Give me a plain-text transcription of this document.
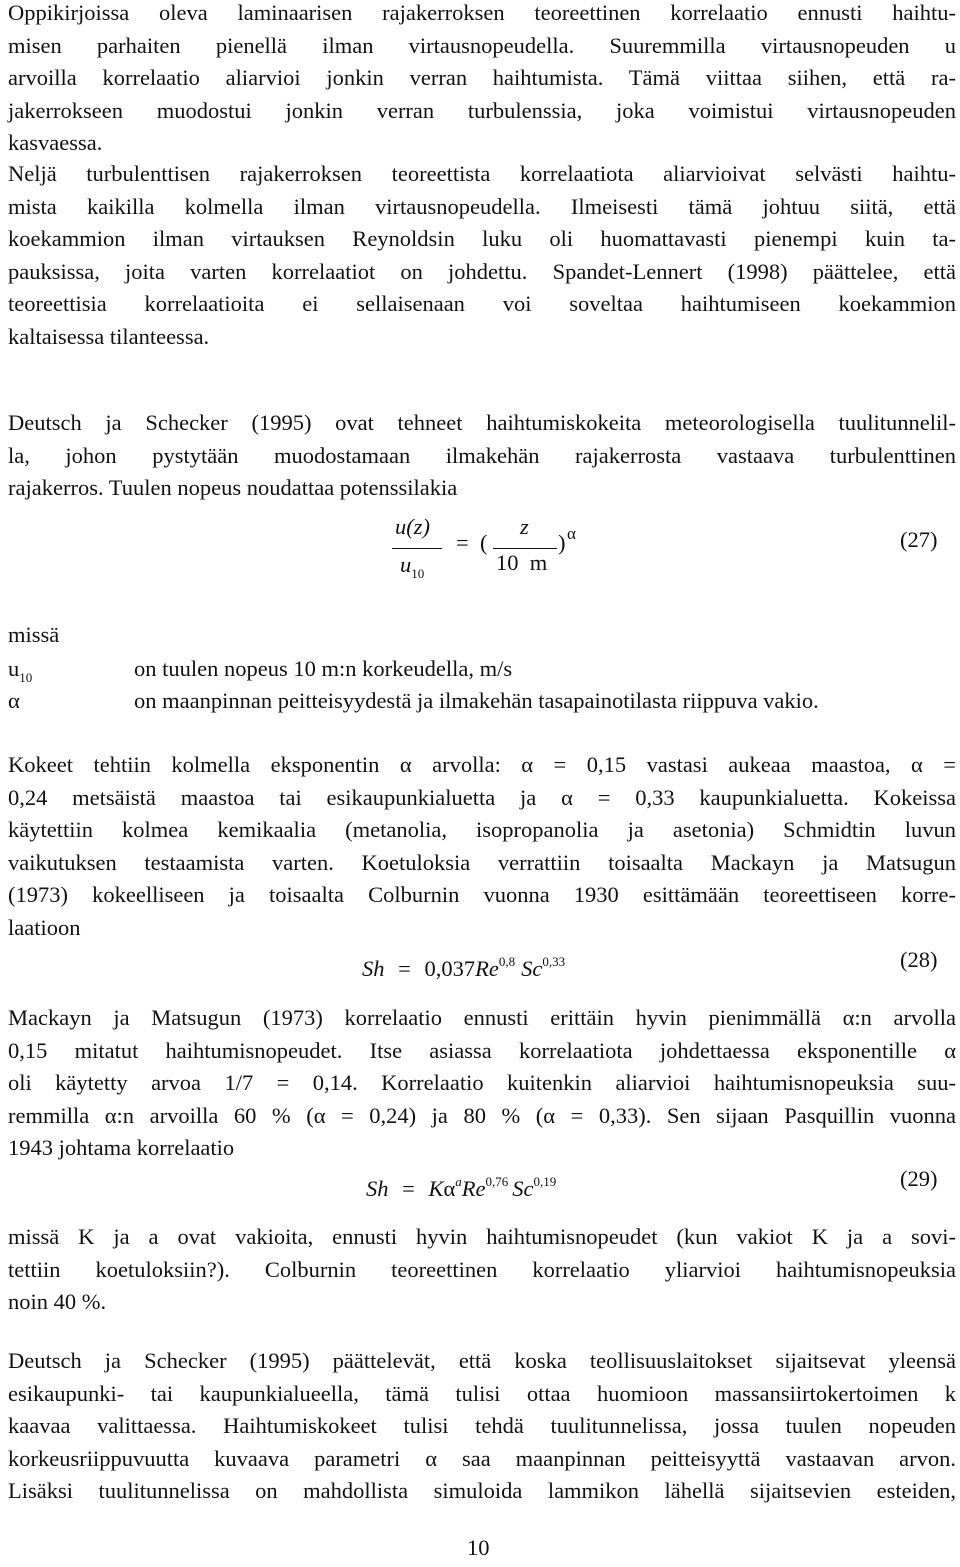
Oppikirjoissa oleva laminaarisen rajakerroksen teoreettinen korrelaatio ennusti haihtu-
misen parhaiten pienellä ilman virtausnopeudella. Suuremmilla virtausnopeuden u
arvoilla korrelaatio aliarvioi jonkin verran haihtumista. Tämä viittaa siihen, että ra-
jakerrokseen muodostui jonkin verran turbulenssia, joka voimistui virtausnopeuden
kasvaessa.
Neljä turbulenttisen rajakerroksen teoreettista korrelaatiota aliarvioivat selvästi haihtu-
mista kaikilla kolmella ilman virtausnopeudella. Ilmeisesti tämä johtuu siitä, että
koekammion ilman virtauksen Reynoldsin luku oli huomattavasti pienempi kuin ta-
pauksissa, joita varten korrelaatiot on johdettu. Spandet-Lennert (1998) päättelee, että
teoreettisia korrelaatioita ei sellaisenaan voi soveltaa haihtumiseen koekammion
kaltaisessa tilanteessa.
Deutsch ja Schecker (1995) ovat tehneet haihtumiskokeita meteorologisella tuulitunnelil-
la, johon pystytään muodostamaan ilmakehän rajakerrosta vastaava turbulenttinen
rajakerros. Tuulen nopeus noudattaa potenssilakia
u(z)
$u_{10}$
= (
z
10  m
) α	(27)
missä
$u_{10}$	on tuulen nopeus 10 m:n korkeudella, m/s
α	on maanpinnan peitteisyydestä ja ilmakehän tasapainotilasta riippuva vakio.
Kokeet tehtiin kolmella eksponentin α arvolla: α = 0,15 vastasi aukeaa maastoa, α =
0,24 metsäistä maastoa tai esikaupunkialuetta ja α = 0,33 kaupunkialuetta. Kokeissa
käytettiin kolmea kemikaalia (metanolia, isopropanolia ja asetonia) Schmidtin luvun
vaikutuksen testaamista varten. Koetuloksia verrattiin toisaalta Mackayn ja Matsugun
(1973) kokeelliseen ja toisaalta Colburnin vuonna 1930 esittämään teoreettiseen korre-
laatioon
Sh = 0,037Re$^{0,8}$ Sc$^{0,33}$	(28)
Mackayn ja Matsugun (1973) korrelaatio ennusti erittäin hyvin pienimmällä α:n arvolla
0,15 mitatut haihtumisnopeudet. Itse asiassa korrelaatiota johdettaessa eksponentille α
oli käytetty arvoa 1/7 = 0,14. Korrelaatio kuitenkin aliarvioi haihtumisnopeuksia suu-
remmilla α:n arvoilla 60 % (α = 0,24) ja 80 % (α = 0,33). Sen sijaan Pasquillin vuonna
1943 johtama korrelaatio
$Sh = K\alpha^aRe^{0,76}$ Sc$^{0,19}$	(29)
missä K ja a ovat vakioita, ennusti hyvin haihtumisnopeudet (kun vakiot K ja a sovi-
tettiin koetuloksiin?). Colburnin teoreettinen korrelaatio yliarvioi haihtumisnopeuksia
noin 40 %.
Deutsch ja Schecker (1995) päättelevät, että koska teollisuuslaitokset sijaitsevat yleensä
esikaupunki- tai kaupunkialueella, tämä tulisi ottaa huomioon massansiirtokertoimen k
kaavaa valittaessa. Haihtumiskokeet tulisi tehdä tuulitunnelissa, jossa tuulen nopeuden
korkeusriippuvuutta kuvaava parametri α saa maanpinnan peitteisyyttä vastaavan arvon.
Lisäksi tuulitunnelissa on mahdollista simuloida lammikon lähellä sijaitsevien esteiden,
10
